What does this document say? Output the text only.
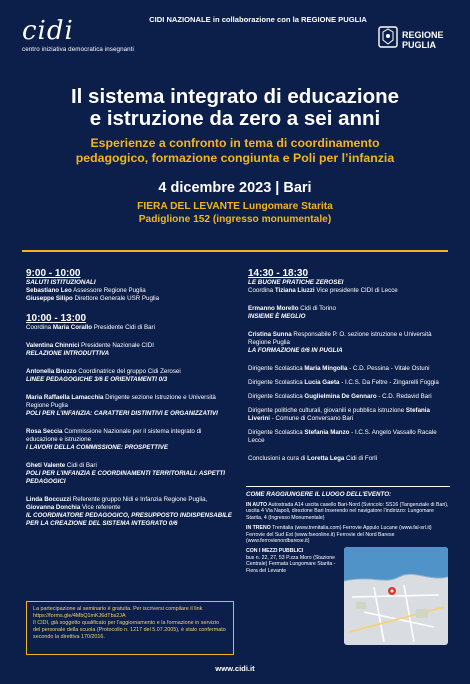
cidi
centro iniziativa democratica insegnanti
CIDI NAZIONALE in collaborazione con la REGIONE PUGLIA
REGIONE
PUGLIA
Il sistema integrato di educazione
e istruzione da zero a sei anni
Esperienze a confronto in tema di coordinamento
pedagogico, formazione congiunta e Poli per l’infanzia
4 dicembre 2023 | Bari
FIERA DEL LEVANTE Lungomare Starita
Padiglione 152 (ingresso monumentale)
9:00 - 10:00
SALUTI ISTITUZIONALI
Sebastiano Leo Assessore Regione Puglia
Giuseppe Silipo Direttore Generale USR Puglia
10:00 - 13:00
Coordina Maria Corallo Presidente Cidi di Bari
Valentina Chinnici Presidente Nazionale CIDI
RELAZIONE INTRODUTTIVA
Antonella Bruzzo Coordinatrice del gruppo Cidi Zerosei
LINEE PEDAGOGICHE 3/6 E ORIENTAMENTI 0/3
Maria Raffaella Lamacchia Dirigente sezione Istruzione e Università Regione Puglia
POLI PER L’INFANZIA: CARATTERI DISTINTIVI E ORGANIZZATIVI
Rosa Seccia Commissione Nazionale per il sistema integrato di educazione e istruzione
I LAVORI DELLA COMMISSIONE: PROSPETTIVE
Gheti Valente Cidi di Bari
POLI PER L’INFANZIA E COORDINAMENTI TERRITORIALI: ASPETTI PEDAGOGICI
Linda Boccuzzi Referente gruppo Nidi e Infanzia Regione Puglia,
Giovanna Donchia Vice referente
IL COORDINATORE PEDAGOGICO, PRESUPPOSTO INDISPENSABILE PER LA CREAZIONE DEL SISTEMA INTEGRATO 0/6
La partecipazione al seminario è gratuita. Per iscriversi compilare il link https://forms.gle/4MbQ1mKJ6dTbs2JA
Il CIDI, già soggetto qualificato per l’aggiornamento e la formazione in servizio del personale della scuola (Protocollo n. 1217 del 5.07.2005), è stato confermato secondo la direttiva 170/2016.
14:30 - 18:30
LE BUONE PRATICHE ZEROSEI
Coordina Tiziana Liuzzi Vice presidente CIDI di Lecce
Ermanno Morello Cidi di Torino
INSIEME È MEGLIO
Cristina Sunna Responsabile P. O. sezione istruzione e Università Regione Puglia
LA FORMAZIONE 0/6 IN PUGLIA
Dirigente Scolastica Maria Mingolla - C.D. Pessina - Vitale Ostuni
Dirigente Scolastica Lucia Gaeta - I.C.S. Da Feltre - Zingarelli Foggia
Dirigente Scolastica Guglielmina De Gennaro - C.D. Redavid Bari
Dirigente politiche culturali, giovanili e pubblica istruzione Stefania Liverini - Comune di Conversano Bari
Dirigente Scolastica Stefania Manzo - I.C.S. Angelo Vassallo Racale Lecce
Conclusioni a cura di Loretta Lega Cidi di Forlì
COME RAGGIUNGERE IL LUOGO DELL’EVENTO:
IN AUTO Autostrada A14 uscita casello Bari-Nord (Svincolo: SS16 (Tangenziale di Bari), uscita 4 Via Napoli, direzione Bari Inserendo nel navigatore l’indirizzo: Lungomare Starita, 4 (Ingresso Monumentale)
IN TRENO Trenitalia (www.trenitalia.com) Ferrovie Appulo Lucane (www.fal-srl.it) Ferrovie del Sud Est (www.fseonline.it) Ferrovie del Nord Barese (www.ferrovienordbarese.it)
CON I MEZZI PUBBLICI
bus n. 22, 27, 53 P.zza Moro (Stazione Centrale) Fermata Lungomare Starita - Fiera del Levante
www.cidi.it
